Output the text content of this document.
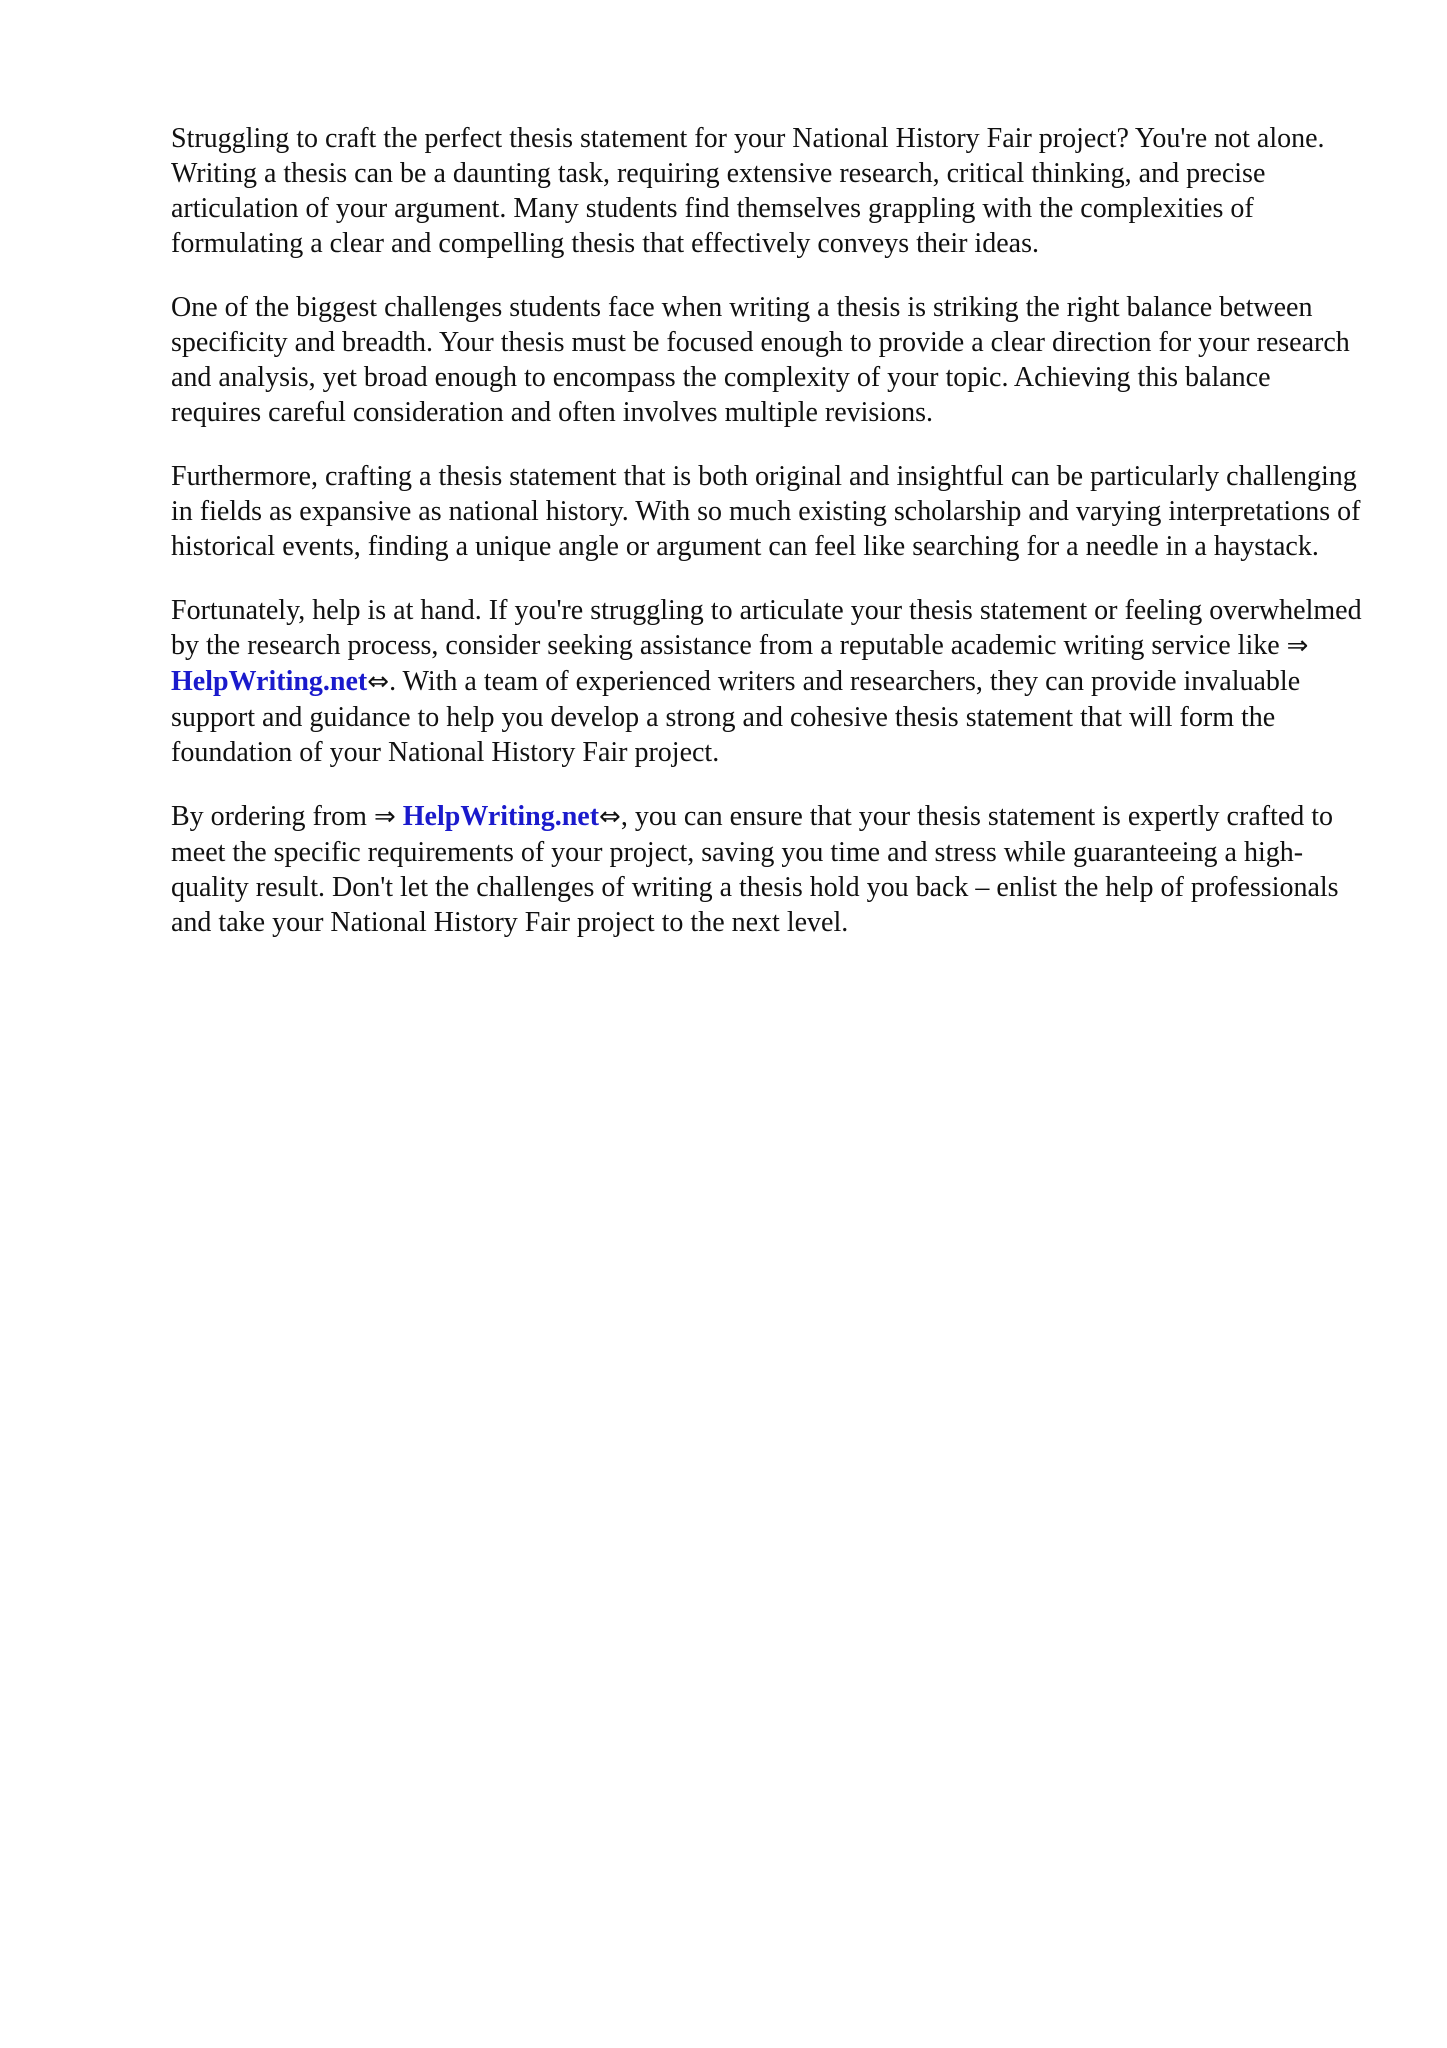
Struggling to craft the perfect thesis statement for your National History Fair project? You're not alone. Writing a thesis can be a daunting task, requiring extensive research, critical thinking, and precise articulation of your argument. Many students find themselves grappling with the complexities of formulating a clear and compelling thesis that effectively conveys their ideas.

One of the biggest challenges students face when writing a thesis is striking the right balance between specificity and breadth. Your thesis must be focused enough to provide a clear direction for your research and analysis, yet broad enough to encompass the complexity of your topic. Achieving this balance requires careful consideration and often involves multiple revisions.

Furthermore, crafting a thesis statement that is both original and insightful can be particularly challenging in fields as expansive as national history. With so much existing scholarship and varying interpretations of historical events, finding a unique angle or argument can feel like searching for a needle in a haystack.

Fortunately, help is at hand. If you're struggling to articulate your thesis statement or feeling overwhelmed by the research process, consider seeking assistance from a reputable academic writing service like ⇒ HelpWriting.net⇔. With a team of experienced writers and researchers, they can provide invaluable support and guidance to help you develop a strong and cohesive thesis statement that will form the foundation of your National History Fair project.

By ordering from ⇒ HelpWriting.net⇔, you can ensure that your thesis statement is expertly crafted to meet the specific requirements of your project, saving you time and stress while guaranteeing a high-quality result. Don't let the challenges of writing a thesis hold you back – enlist the help of professionals and take your National History Fair project to the next level.
